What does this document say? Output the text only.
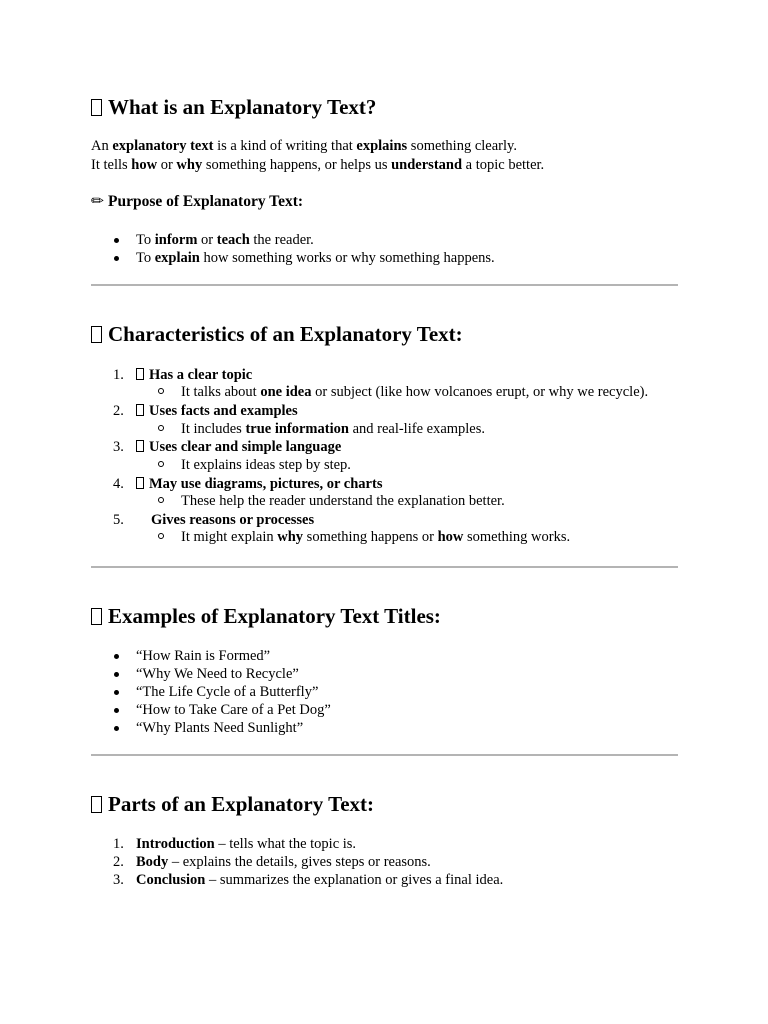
What is an Explanatory Text?
An explanatory text is a kind of writing that explains something clearly.
It tells how or why something happens, or helps us understand a topic better.
✏ Purpose of Explanatory Text:
To inform or teach the reader.
To explain how something works or why something happens.
Characteristics of an Explanatory Text:
1.	Has a clear topic
It talks about one idea or subject (like how volcanoes erupt, or why we recycle).
2.	Uses facts and examples
It includes true information and real-life examples.
3.	Uses clear and simple language
It explains ideas step by step.
4.	May use diagrams, pictures, or charts
These help the reader understand the explanation better.
5. Gives reasons or processes
It might explain why something happens or how something works.
Examples of Explanatory Text Titles:
“How Rain is Formed”
“Why We Need to Recycle”
“The Life Cycle of a Butterfly”
“How to Take Care of a Pet Dog”
“Why Plants Need Sunlight”
Parts of an Explanatory Text:
1. Introduction – tells what the topic is.
2. Body – explains the details, gives steps or reasons.
3. Conclusion – summarizes the explanation or gives a final idea.
